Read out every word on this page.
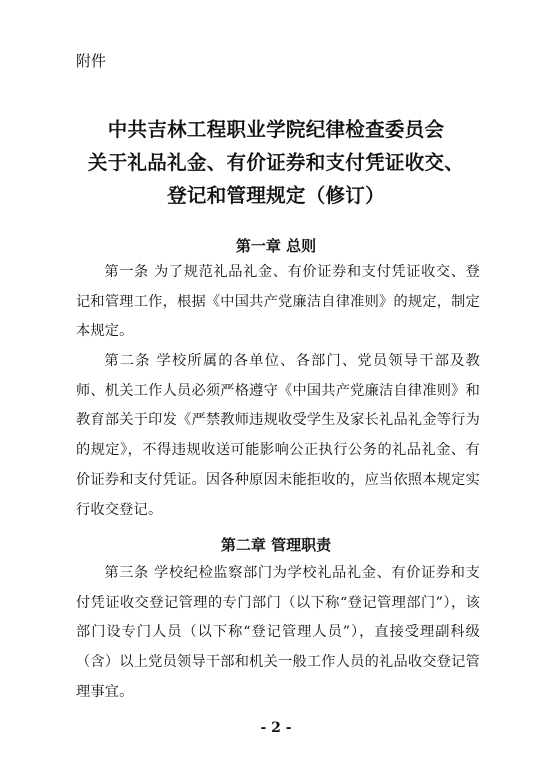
附件
中共吉林工程职业学院纪律检查委员会
关于礼品礼金、有价证券和支付凭证收交、
登记和管理规定（修订）
第一章 总则
第一条 为了规范礼品礼金、有价证券和支付凭证收交、登记和管理工作，根据《中国共产党廉洁自律准则》的规定，制定本规定。
第二条 学校所属的各单位、各部门、党员领导干部及教师、机关工作人员必须严格遵守《中国共产党廉洁自律准则》和教育部关于印发《严禁教师违规收受学生及家长礼品礼金等行为的规定》，不得违规收送可能影响公正执行公务的礼品礼金、有价证券和支付凭证。因各种原因未能拒收的，应当依照本规定实行收交登记。
第二章 管理职责
第三条 学校纪检监察部门为学校礼品礼金、有价证券和支付凭证收交登记管理的专门部门（以下称“登记管理部门”），该部门设专门人员（以下称“登记管理人员”），直接受理副科级（含）以上党员领导干部和机关一般工作人员的礼品收交登记管理事宜。
- 2 -
